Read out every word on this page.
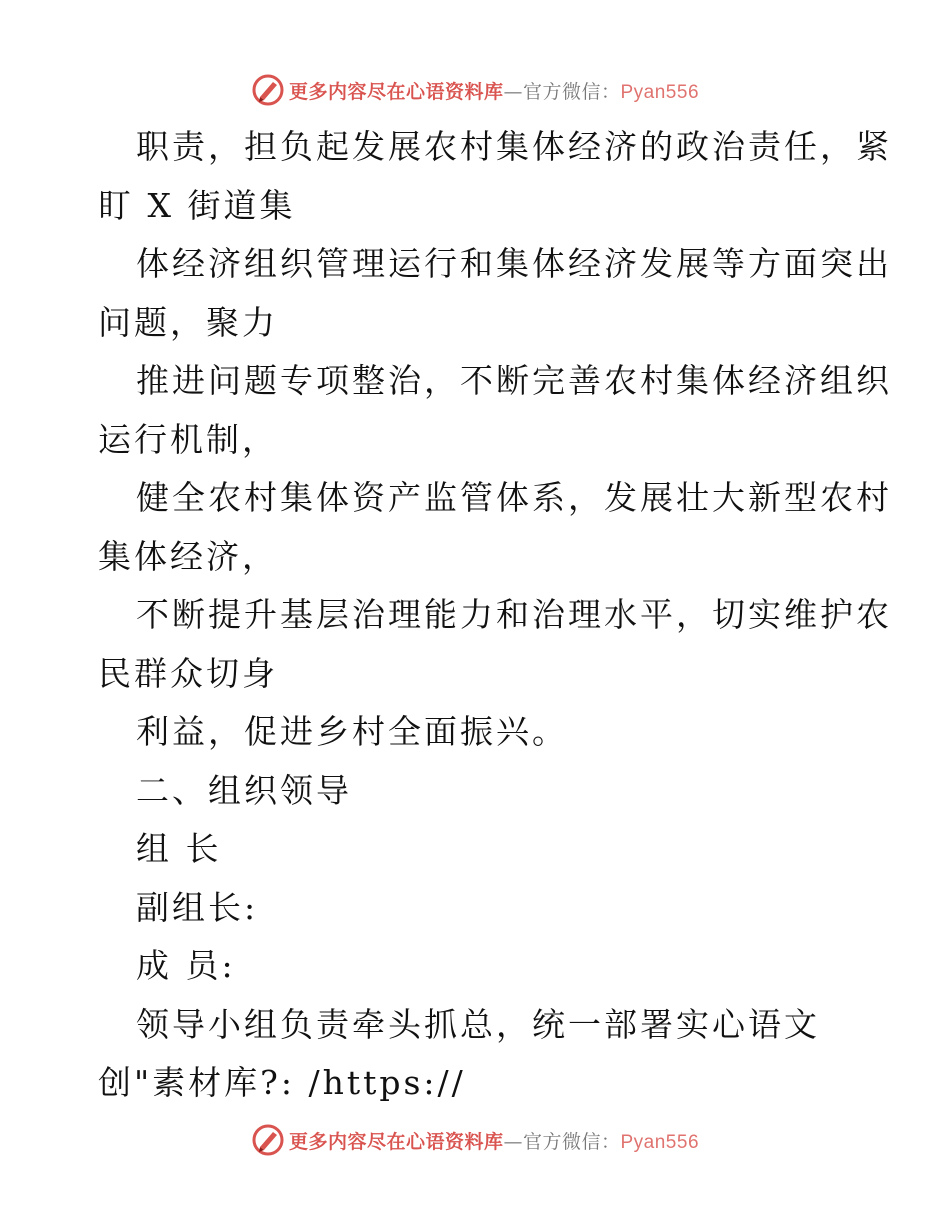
更多内容尽在心语资料库—官方微信：Pyan556
职责，担负起发展农村集体经济的政治责任，紧
盯 X 街道集
体经济组织管理运行和集体经济发展等方面突出
问题，聚力
推进问题专项整治，不断完善农村集体经济组织
运行机制，
健全农村集体资产监管体系，发展壮大新型农村
集体经济，
不断提升基层治理能力和治理水平，切实维护农
民群众切身
利益，促进乡村全面振兴。
二、组织领导
组 长
副组长:
成 员:
领导小组负责牵头抓总，统一部署实心语文
创"素材库?: /https://
更多内容尽在心语资料库—官方微信：Pyan556
